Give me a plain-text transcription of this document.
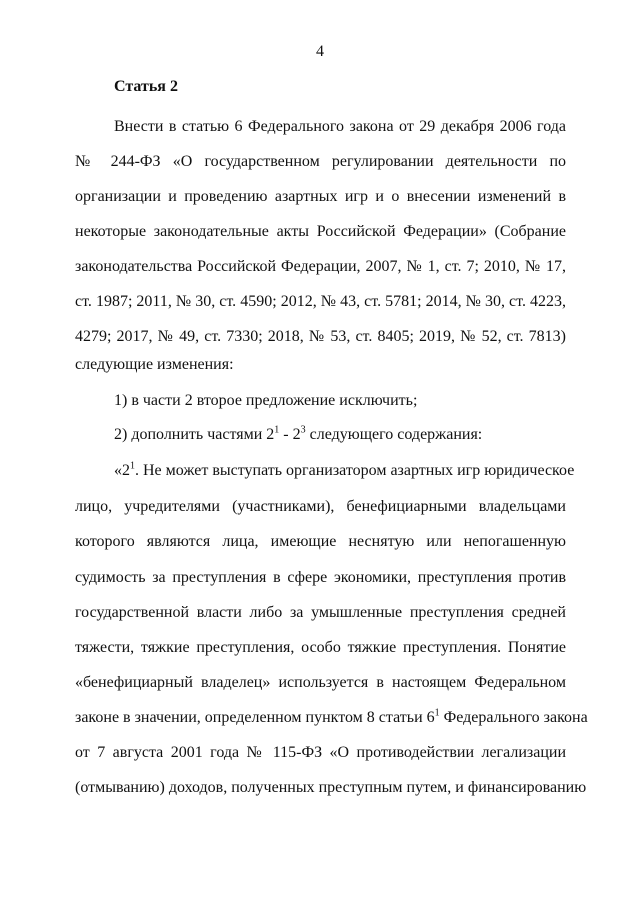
4
Статья 2
Внести в статью 6 Федерального закона от 29 декабря 2006 года
№ 244-ФЗ «О государственном регулировании деятельности по
организации и проведению азартных игр и о внесении изменений в
некоторые законодательные акты Российской Федерации» (Собрание
законодательства Российской Федерации, 2007, № 1, ст. 7; 2010, № 17,
ст. 1987; 2011, № 30, ст. 4590; 2012, № 43, ст. 5781; 2014, № 30, ст. 4223,
4279; 2017, № 49, ст. 7330; 2018, № 53, ст. 8405; 2019, № 52, ст. 7813)
следующие изменения:
1) в части 2 второе предложение исключить;
2) дополнить частями $2^1 - 2^3$ следующего содержания:
«$2^1$. Не может выступать организатором азартных игр юридическое
лицо, учредителями (участниками), бенефициарными владельцами
которого являются лица, имеющие неснятую или непогашенную
судимость за преступления в сфере экономики, преступления против
государственной власти либо за умышленные преступления средней
тяжести, тяжкие преступления, особо тяжкие преступления. Понятие
«бенефициарный владелец» используется в настоящем Федеральном
законе в значении, определенном пунктом 8 статьи $6^1$ Федерального закона
от 7 августа 2001 года № 115-ФЗ «О противодействии легализации
(отмыванию) доходов, полученных преступным путем, и финансированию
